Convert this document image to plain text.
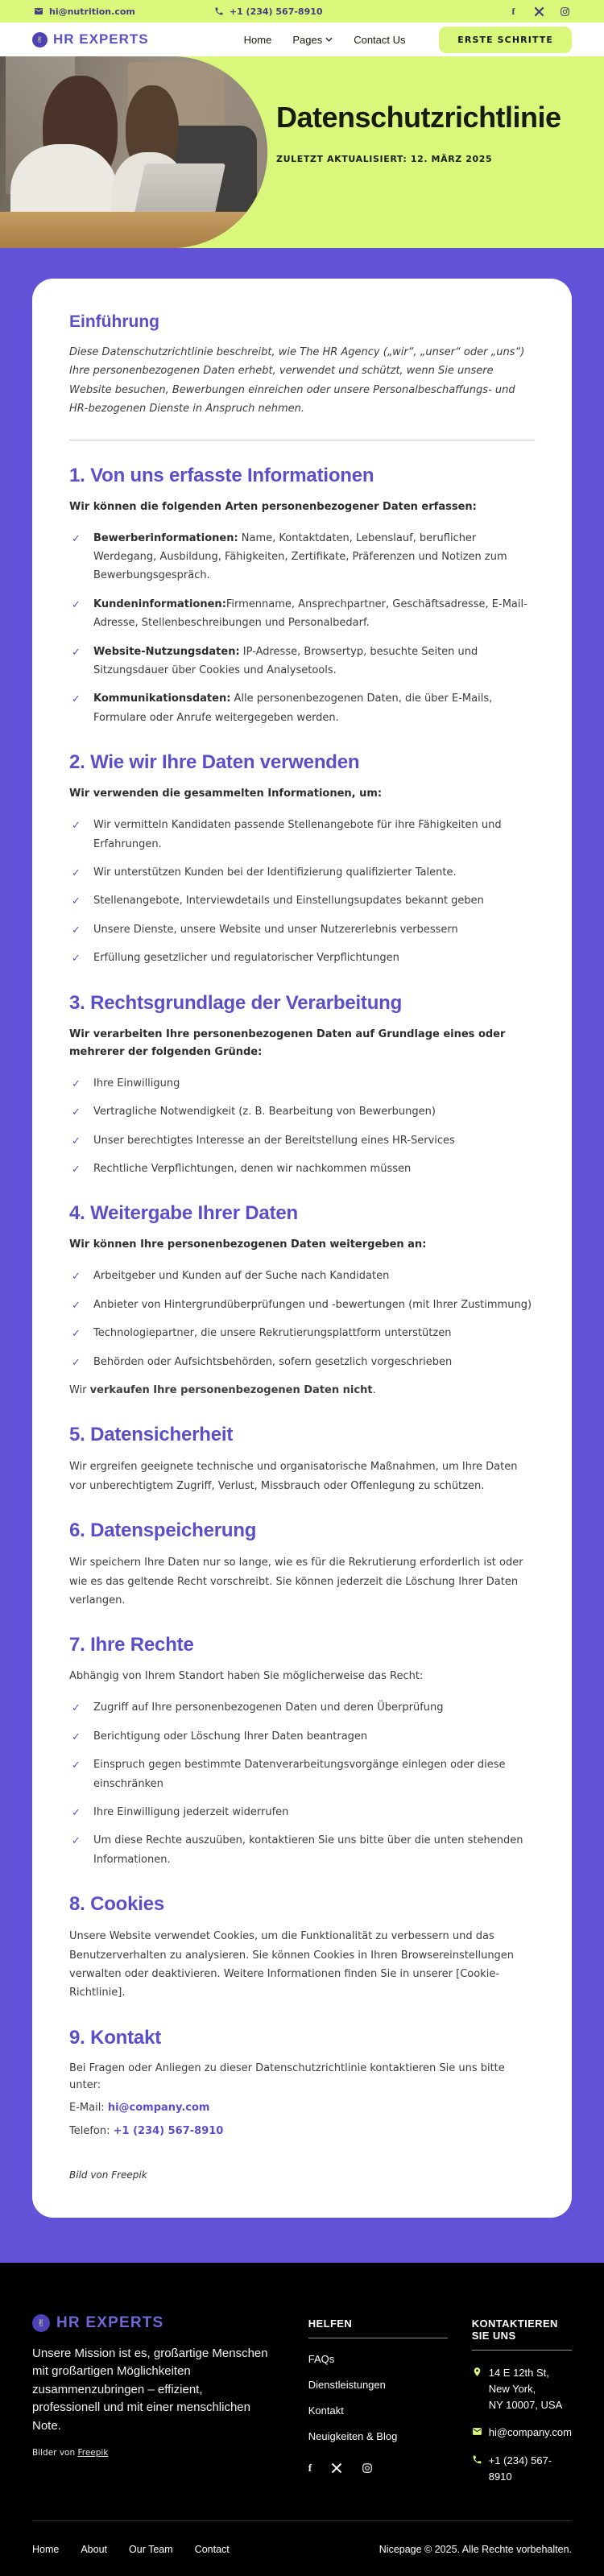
hi@nutrition.com	+1 (234) 567-8910	f
✌ HR EXPERTS	Home Pages	Contact Us	ERSTE SCHRITTE
Datenschutzrichtlinie

ZULETZT AKTUALISIERT: 12. MÄRZ 2025

Einführung

Diese Datenschutzrichtlinie beschreibt, wie The HR Agency („wir“, „unser“ oder „uns“) Ihre personenbezogenen Daten erhebt, verwendet und schützt, wenn Sie unsere Website besuchen, Bewerbungen einreichen oder unsere Personalbeschaffungs- und HR-bezogenen Dienste in Anspruch nehmen.

1. Von uns erfasste Informationen

Wir können die folgenden Arten personenbezogener Daten erfassen:

✓ Bewerberinformationen: Name, Kontaktdaten, Lebenslauf, beruflicher Werdegang, Ausbildung, Fähigkeiten, Zertifikate, Präferenzen und Notizen zum Bewerbungsgespräch.
✓ Kundeninformationen:Firmenname, Ansprechpartner, Geschäftsadresse, E-Mail-Adresse, Stellenbeschreibungen und Personalbedarf.
✓ Website-Nutzungsdaten: IP-Adresse, Browsertyp, besuchte Seiten und Sitzungsdauer über Cookies und Analysetools.
✓ Kommunikationsdaten: Alle personenbezogenen Daten, die über E-Mails, Formulare oder Anrufe weitergegeben werden.
2. Wie wir Ihre Daten verwenden

Wir verwenden die gesammelten Informationen, um:

✓ Wir vermitteln Kandidaten passende Stellenangebote für ihre Fähigkeiten und Erfahrungen.
✓ Wir unterstützen Kunden bei der Identifizierung qualifizierter Talente.
✓ Stellenangebote, Interviewdetails und Einstellungsupdates bekannt geben
✓ Unsere Dienste, unsere Website und unser Nutzererlebnis verbessern
✓ Erfüllung gesetzlicher und regulatorischer Verpflichtungen
3. Rechtsgrundlage der Verarbeitung

Wir verarbeiten Ihre personenbezogenen Daten auf Grundlage eines oder mehrerer der folgenden Gründe:

✓ Ihre Einwilligung
✓ Vertragliche Notwendigkeit (z. B. Bearbeitung von Bewerbungen)
✓ Unser berechtigtes Interesse an der Bereitstellung eines HR-Services
✓ Rechtliche Verpflichtungen, denen wir nachkommen müssen
4. Weitergabe Ihrer Daten

Wir können Ihre personenbezogenen Daten weitergeben an:

✓ Arbeitgeber und Kunden auf der Suche nach Kandidaten
✓ Anbieter von Hintergrundüberprüfungen und -bewertungen (mit Ihrer Zustimmung)
✓ Technologiepartner, die unsere Rekrutierungsplattform unterstützen
✓ Behörden oder Aufsichtsbehörden, sofern gesetzlich vorgeschrieben

Wir verkaufen Ihre personenbezogenen Daten nicht.

5. Datensicherheit

Wir ergreifen geeignete technische und organisatorische Maßnahmen, um Ihre Daten vor unberechtigtem Zugriff, Verlust, Missbrauch oder Offenlegung zu schützen.

6. Datenspeicherung

Wir speichern Ihre Daten nur so lange, wie es für die Rekrutierung erforderlich ist oder wie es das geltende Recht vorschreibt. Sie können jederzeit die Löschung Ihrer Daten verlangen.

7. Ihre Rechte

Abhängig von Ihrem Standort haben Sie möglicherweise das Recht:

✓ Zugriff auf Ihre personenbezogenen Daten und deren Überprüfung
✓ Berichtigung oder Löschung Ihrer Daten beantragen
✓ Einspruch gegen bestimmte Datenverarbeitungsvorgänge einlegen oder diese einschränken
✓ Ihre Einwilligung jederzeit widerrufen
✓ Um diese Rechte auszuüben, kontaktieren Sie uns bitte über die unten stehenden Informationen.
8. Cookies

Unsere Website verwendet Cookies, um die Funktionalität zu verbessern und das Benutzerverhalten zu analysieren. Sie können Cookies in Ihren Browsereinstellungen verwalten oder deaktivieren. Weitere Informationen finden Sie in unserer [Cookie-Richtlinie].

9. Kontakt

Bei Fragen oder Anliegen zu dieser Datenschutzrichtlinie kontaktieren Sie uns bitte unter:

E-Mail: hi@company.com

Telefon: +1 (234) 567-8910

Bild von Freepik

✌ HR EXPERTS

Unsere Mission ist es, großartige Menschen mit großartigen Möglichkeiten zusammenzubringen – effizient, professionell und mit einer menschlichen Note.

Bilder von Freepik

HELFEN
FAQs
Dienstleistungen
Kontakt
Neuigkeiten & Blog
f
KONTAKTIEREN SIE UNS
14 E 12th St, New York,
NY 10007, USA
hi@company.com
+1 (234) 567-8910
Home About Our Team Contact	Nicepage © 2025. Alle Rechte vorbehalten.
